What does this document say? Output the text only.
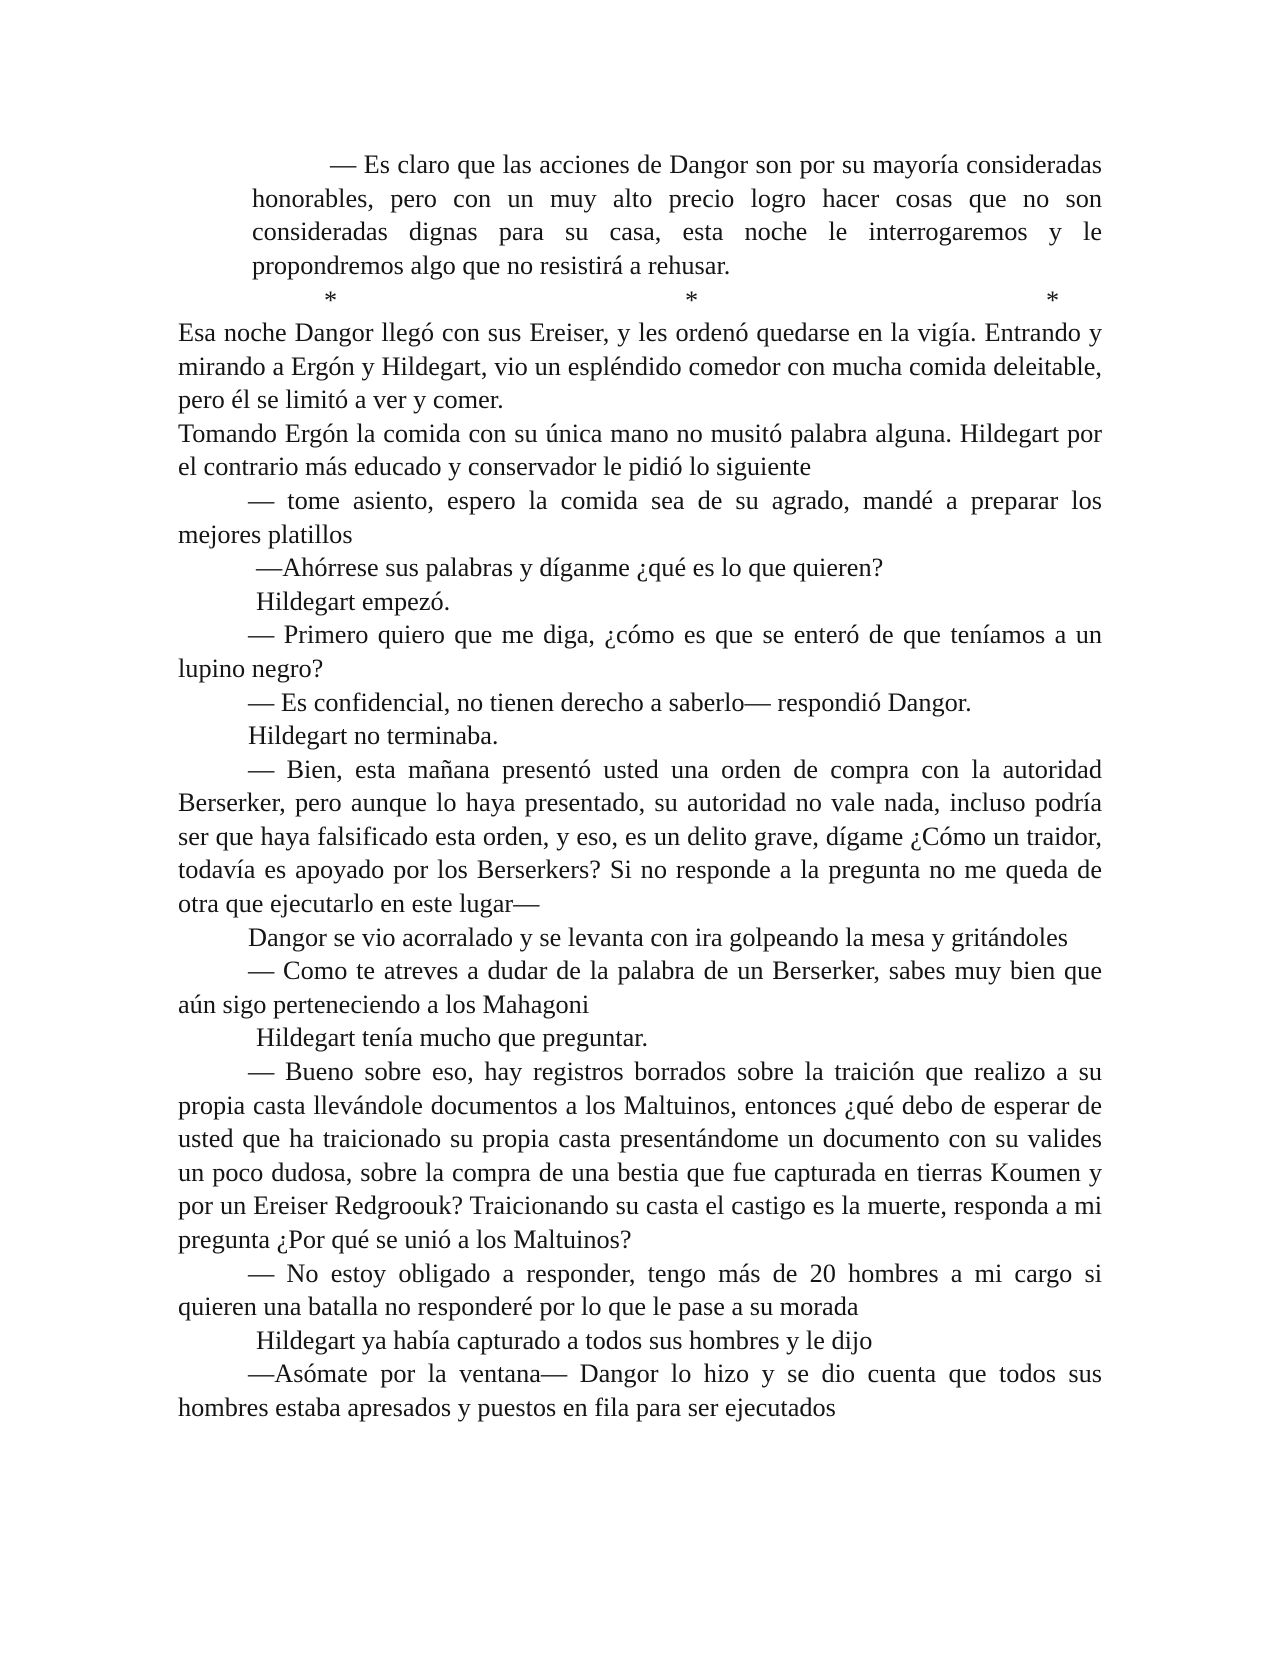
— Es claro que las acciones de Dangor son por su mayoría consideradas honorables, pero con un muy alto precio logro hacer cosas que no son consideradas dignas para su casa, esta noche le interrogaremos y le propondremos algo que no resistirá a rehusar.

*	*	*

Esa noche Dangor llegó con sus Ereiser, y les ordenó quedarse en la vigía. Entrando y mirando a Ergón y Hildegart, vio un espléndido comedor con mucha comida deleitable, pero él se limitó a ver y comer.

Tomando Ergón la comida con su única mano no musitó palabra alguna. Hildegart por el contrario más educado y conservador le pidió lo siguiente

— tome asiento, espero la comida sea de su agrado, mandé a preparar los mejores platillos

—Ahórrese sus palabras y díganme ¿qué es lo que quieren?

Hildegart empezó.

— Primero quiero que me diga, ¿cómo es que se enteró de que teníamos a un lupino negro?

— Es confidencial, no tienen derecho a saberlo— respondió Dangor.

Hildegart no terminaba.

— Bien, esta mañana presentó usted una orden de compra con la autoridad Berserker, pero aunque lo haya presentado, su autoridad no vale nada, incluso podría ser que haya falsificado esta orden, y eso, es un delito grave, dígame ¿Cómo un traidor, todavía es apoyado por los Berserkers? Si no responde a la pregunta no me queda de otra que ejecutarlo en este lugar—

Dangor se vio acorralado y se levanta con ira golpeando la mesa y gritándoles

— Como te atreves a dudar de la palabra de un Berserker, sabes muy bien que aún sigo perteneciendo a los Mahagoni

Hildegart tenía mucho que preguntar.

— Bueno sobre eso, hay registros borrados sobre la traición que realizo a su propia casta llevándole documentos a los Maltuinos, entonces ¿qué debo de esperar de usted que ha traicionado su propia casta presentándome un documento con su valides un poco dudosa, sobre la compra de una bestia que fue capturada en tierras Koumen y por un Ereiser Redgroouk? Traicionando su casta el castigo es la muerte, responda a mi pregunta ¿Por qué se unió a los Maltuinos?

— No estoy obligado a responder, tengo más de 20 hombres a mi cargo si quieren una batalla no responderé por lo que le pase a su morada

Hildegart ya había capturado a todos sus hombres y le dijo

—Asómate por la ventana— Dangor lo hizo y se dio cuenta que todos sus hombres estaba apresados y puestos en fila para ser ejecutados
